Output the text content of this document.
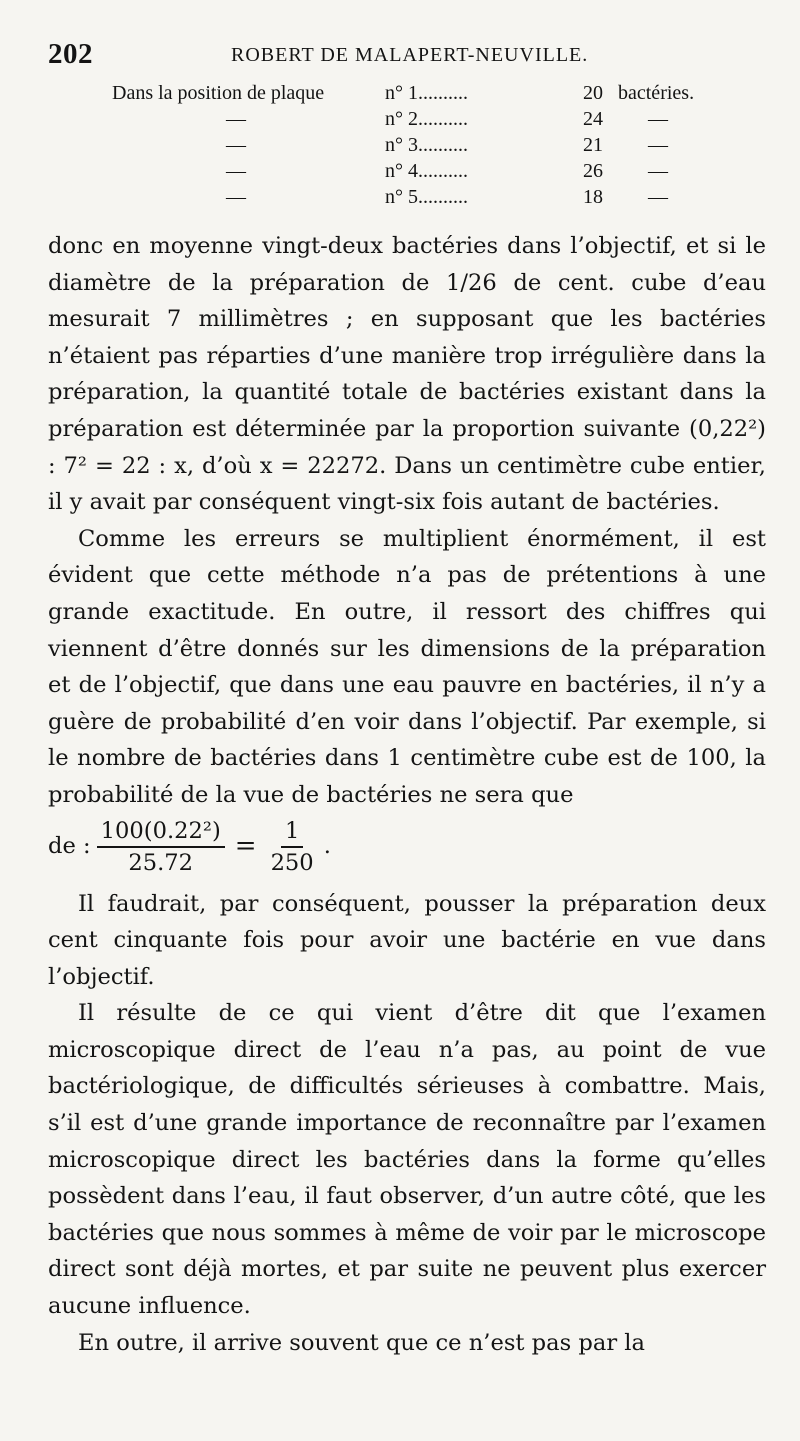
202	ROBERT DE MALAPERT-NEUVILLE.
Dans la position de plaque	n° 1..........	20 bactéries.
—	n° 2..........	24 —
—	n° 3..........	21 —
—	n° 4..........	26 —
—	n° 5..........	18 —

donc en moyenne vingt-deux bactéries dans l’objectif, et si le diamètre de la préparation de 1/26 de cent. cube d’eau mesurait 7 millimètres ; en supposant que les bactéries n’étaient pas réparties d’une manière trop irrégulière dans la préparation, la quantité totale de bactéries existant dans la préparation est déterminée par la proportion suivante (0,22²) : 7² = 22 : x, d’où x = 22272. Dans un centimètre cube entier, il y avait par conséquent vingt-six fois autant de bactéries.

Comme les erreurs se multiplient énormément, il est évident que cette méthode n’a pas de prétentions à une grande exactitude. En outre, il ressort des chiffres qui viennent d’être donnés sur les dimensions de la préparation et de l’objectif, que dans une eau pauvre en bactéries, il n’y a guère de probabilité d’en voir dans l’objectif. Par exemple, si le nombre de bactéries dans 1 centimètre cube est de 100, la probabilité de la vue de bactéries ne sera que

de : $\frac{\text{100(0.22²)}}{25.72} = \frac{1}{250}$ .

Il faudrait, par conséquent, pousser la préparation deux cent cinquante fois pour avoir une bactérie en vue dans l’objectif.

Il résulte de ce qui vient d’être dit que l’examen microscopique direct de l’eau n’a pas, au point de vue bactériologique, de difficultés sérieuses à combattre. Mais, s’il est d’une grande importance de reconnaître par l’examen microscopique direct les bactéries dans la forme qu’elles possèdent dans l’eau, il faut observer, d’un autre côté, que les bactéries que nous sommes à même de voir par le microscope direct sont déjà mortes, et par suite ne peuvent plus exercer aucune influence.

En outre, il arrive souvent que ce n’est pas par la
